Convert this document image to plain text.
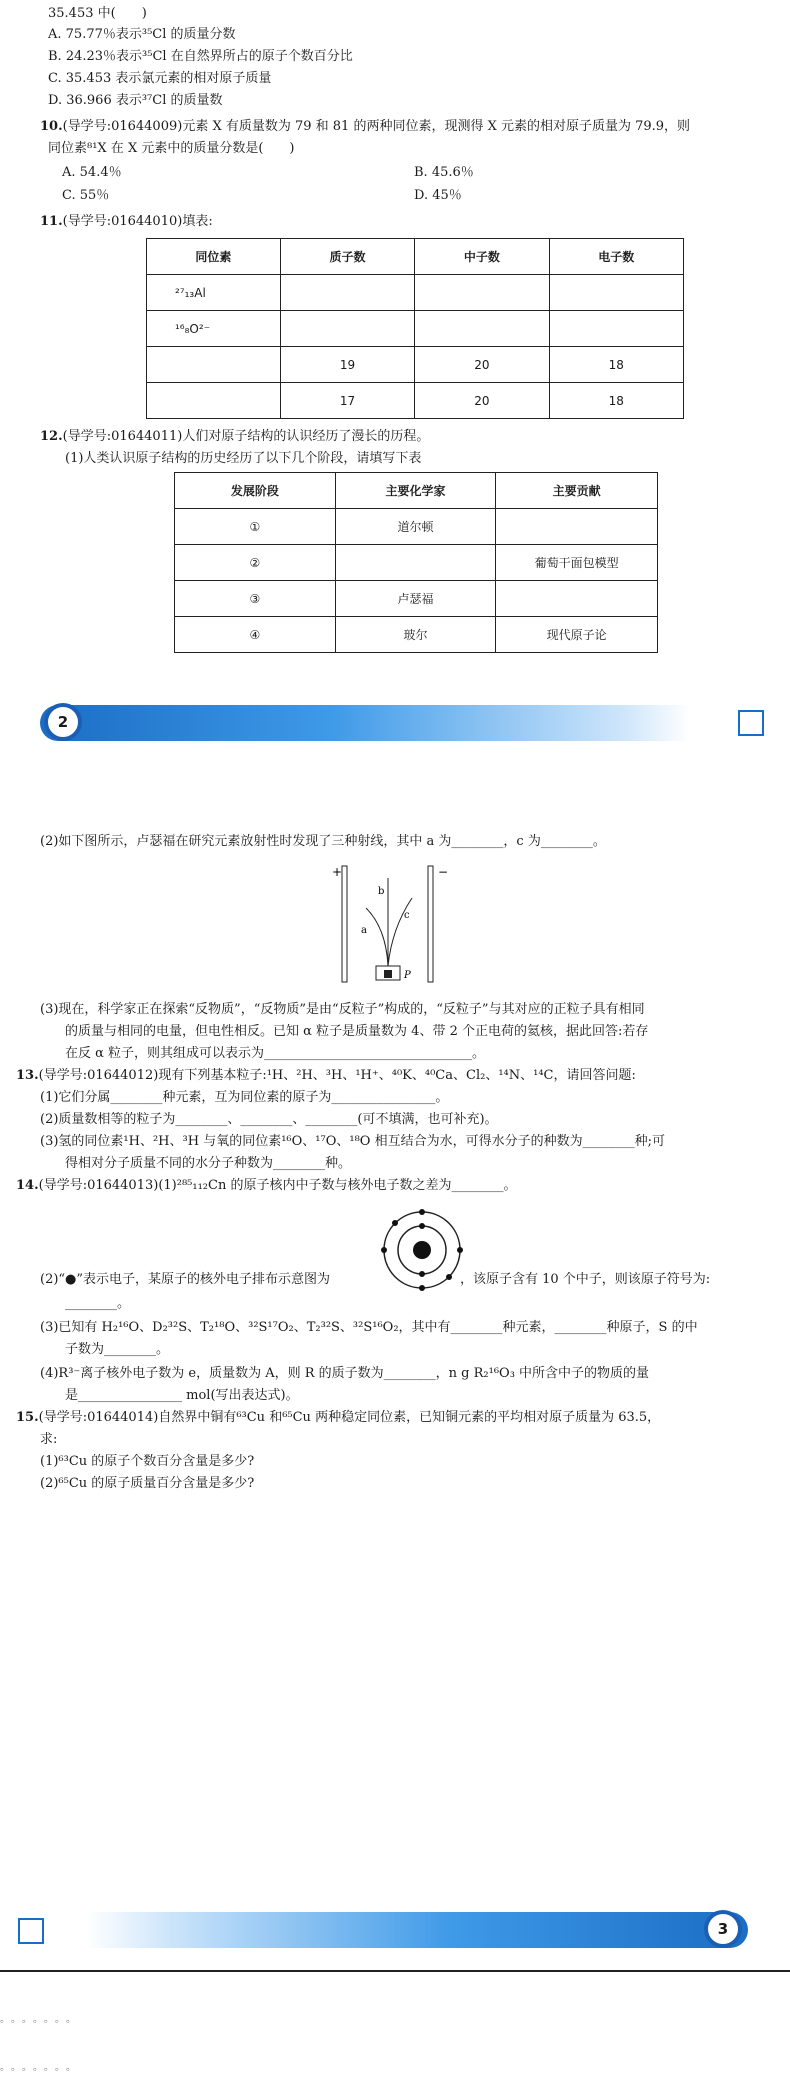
35.453 中(　　)
A. 75.77％表示³⁵Cl 的质量分数
B. 24.23％表示³⁵Cl 在自然界所占的原子个数百分比
C. 35.453 表示氯元素的相对原子质量
D. 36.966 表示³⁷Cl 的质量数
10.(导学号:01644009)元素 X 有质量数为 79 和 81 的两种同位素，现测得 X 元素的相对原子质量为 79.9，则
同位素⁸¹X 在 X 元素中的质量分数是(　　)
A. 54.4％	B. 45.6％
C. 55％	D. 45％
11.(导学号:01644010)填表:
同位素	质子数	中子数	电子数
²⁷₁₃Al			
¹⁶₈O²⁻			
	19	20	18
	17	20	18
12.(导学号:01644011)人们对原子结构的认识经历了漫长的历程。
(1)人类认识原子结构的历史经历了以下几个阶段，请填写下表
发展阶段	主要化学家	主要贡献
①	道尔顿	
②		葡萄干面包模型
③	卢瑟福	
④	玻尔	现代原子论
2
(2)如下图所示，卢瑟福在研究元素放射性时发现了三种射线，其中 a 为________，c 为________。
+	−
a
b
c
P
(3)现在，科学家正在探索“反物质”，“反物质”是由“反粒子”构成的，“反粒子”与其对应的正粒子具有相同
的质量与相同的电量，但电性相反。已知 α 粒子是质量数为 4、带 2 个正电荷的氦核，据此回答:若存
在反 α 粒子，则其组成可以表示为________________________________。
13.(导学号:01644012)现有下列基本粒子:¹H、²H、³H、¹H⁺、⁴⁰K、⁴⁰Ca、Cl₂、¹⁴N、¹⁴C，请回答问题:
(1)它们分属________种元素，互为同位素的原子为________________。
(2)质量数相等的粒子为________、________、________(可不填满，也可补充)。
(3)氢的同位素¹H、²H、³H 与氧的同位素¹⁶O、¹⁷O、¹⁸O 相互结合为水，可得水分子的种数为________种;可
得相对分子质量不同的水分子种数为________种。
14.(导学号:01644013)(1)²⁸⁵₁₁₂Cn 的原子核内中子数与核外电子数之差为________。
(2)“●”表示电子，某原子的核外电子排布示意图为	，该原子含有 10 个中子，则该原子符号为:
________。
(3)已知有 H₂¹⁶O、D₂³²S、T₂¹⁸O、³²S¹⁷O₂、T₂³²S、³²S¹⁶O₂，其中有________种元素，________种原子，S 的中
子数为________。
(4)R³⁻离子核外电子数为 e，质量数为 A，则 R 的质子数为________，n g R₂¹⁶O₃ 中所含中子的物质的量
是________________ mol(写出表达式)。
15.(导学号:01644014)自然界中铜有⁶³Cu 和⁶⁵Cu 两种稳定同位素，已知铜元素的平均相对原子质量为 63.5，
求:
(1)⁶³Cu 的原子个数百分含量是多少?
(2)⁶⁵Cu 的原子质量百分含量是多少?
3
。。。。。。。
。。。。。。。
